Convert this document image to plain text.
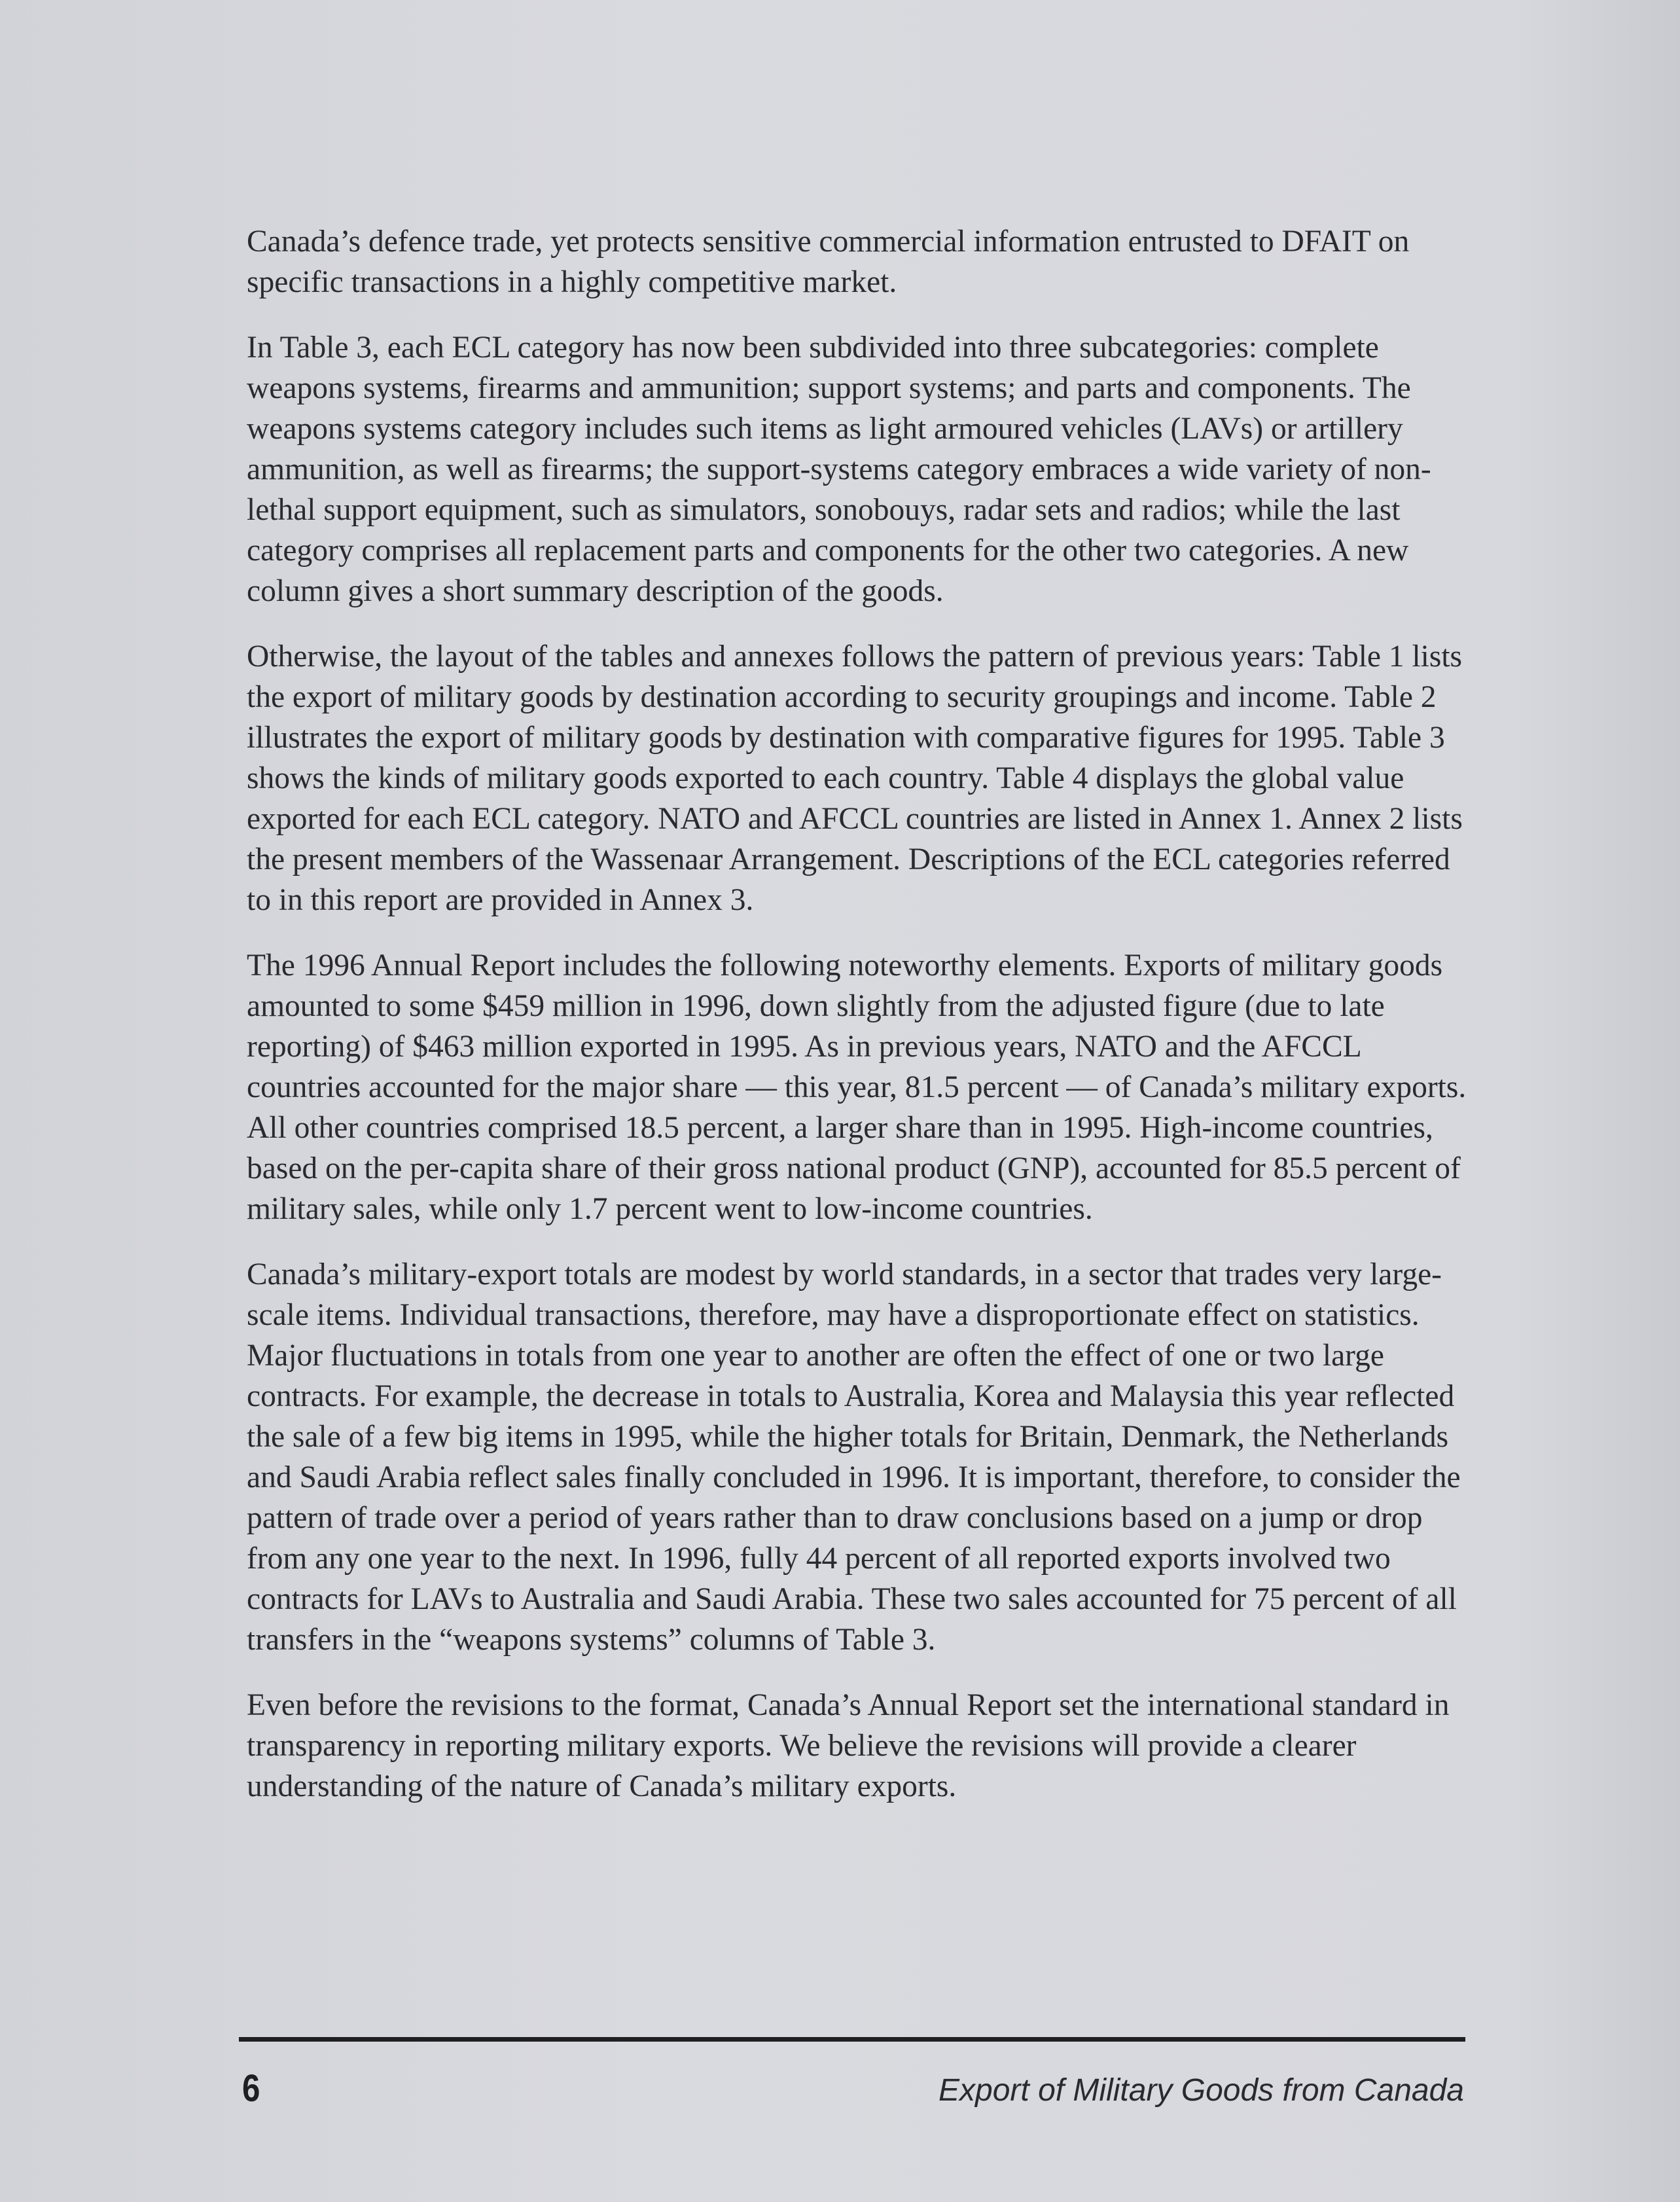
Canada’s defence trade, yet protects sensitive commercial information entrusted to DFAIT on specific transactions in a highly competitive market.

In Table 3, each ECL category has now been subdivided into three subcategories: complete weapons systems, firearms and ammunition; support systems; and parts and components. The weapons systems category includes such items as light armoured vehicles (LAVs) or artillery ammunition, as well as firearms; the support-systems category embraces a wide variety of non-lethal support equipment, such as simulators, sonobouys, radar sets and radios; while the last category comprises all replacement parts and components for the other two categories. A new column gives a short summary description of the goods.

Otherwise, the layout of the tables and annexes follows the pattern of previous years: Table 1 lists the export of military goods by destination according to security groupings and income. Table 2 illustrates the export of military goods by destination with comparative figures for 1995. Table 3 shows the kinds of military goods exported to each country. Table 4 displays the global value exported for each ECL category. NATO and AFCCL countries are listed in Annex 1. Annex 2 lists the present members of the Wassenaar Arrangement. Descriptions of the ECL categories referred to in this report are provided in Annex 3.

The 1996 Annual Report includes the following noteworthy elements. Exports of military goods amounted to some $459 million in 1996, down slightly from the adjusted figure (due to late reporting) of $463 million exported in 1995. As in previous years, NATO and the AFCCL countries accounted for the major share — this year, 81.5 percent — of Canada’s military exports. All other countries comprised 18.5 percent, a larger share than in 1995. High-income countries, based on the per-capita share of their gross national product (GNP), accounted for 85.5 percent of military sales, while only 1.7 percent went to low-income countries.

Canada’s military-export totals are modest by world standards, in a sector that trades very large-scale items. Individual transactions, therefore, may have a disproportionate effect on statistics. Major fluctuations in totals from one year to another are often the effect of one or two large contracts. For example, the decrease in totals to Australia, Korea and Malaysia this year reflected the sale of a few big items in 1995, while the higher totals for Britain, Denmark, the Netherlands and Saudi Arabia reflect sales finally concluded in 1996. It is important, therefore, to consider the pattern of trade over a period of years rather than to draw conclusions based on a jump or drop from any one year to the next. In 1996, fully 44 percent of all reported exports involved two contracts for LAVs to Australia and Saudi Arabia. These two sales accounted for 75 percent of all transfers in the “weapons systems” columns of Table 3.

Even before the revisions to the format, Canada’s Annual Report set the international standard in transparency in reporting military exports. We believe the revisions will provide a clearer understanding of the nature of Canada’s military exports.

6	Export of Military Goods from Canada
